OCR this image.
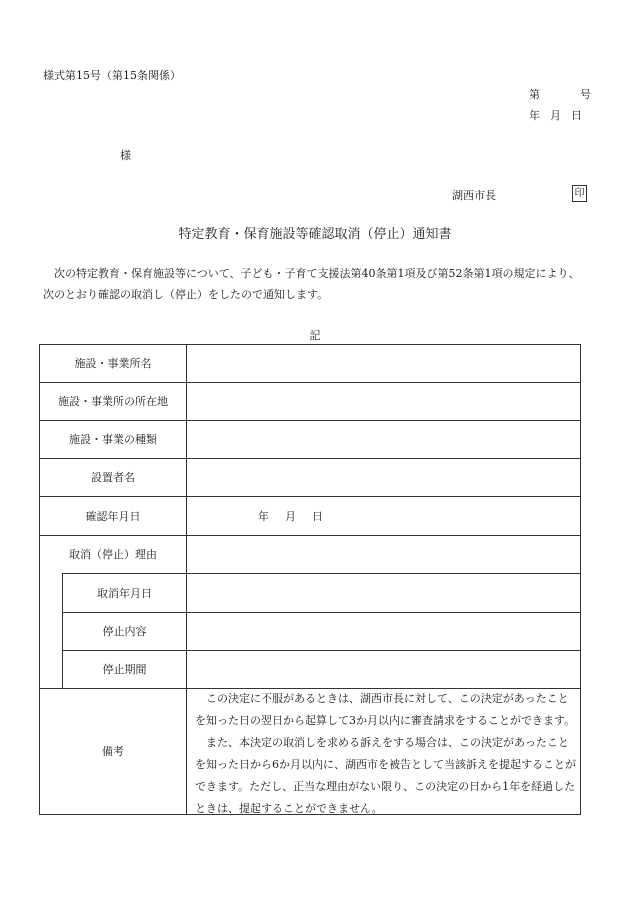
様式第15号（第15条関係）
第	号
年 月 日
様
湖西市長	印
特定教育・保育施設等確認取消（停止）通知書
次の特定教育・保育施設等について、子ども・子育て支援法第40条第1項及び第52条第1項の規定により、次のとおり確認の取消し（停止）をしたので通知します。
記
施設・事業所名
施設・事業所の所在地
施設・事業の種類
設置者名
確認年月日
取消（停止）理由
取消年月日
停止内容
停止期間
備考
年 月 日

この決定に不服があるときは、湖西市長に対して、この決定があったことを知った日の翌日から起算して3か月以内に審査請求をすることができます。

また、本決定の取消しを求める訴えをする場合は、この決定があったことを知った日から6か月以内に、湖西市を被告として当該訴えを提起することができます。ただし、正当な理由がない限り、この決定の日から1年を経過したときは、提起することができません。
